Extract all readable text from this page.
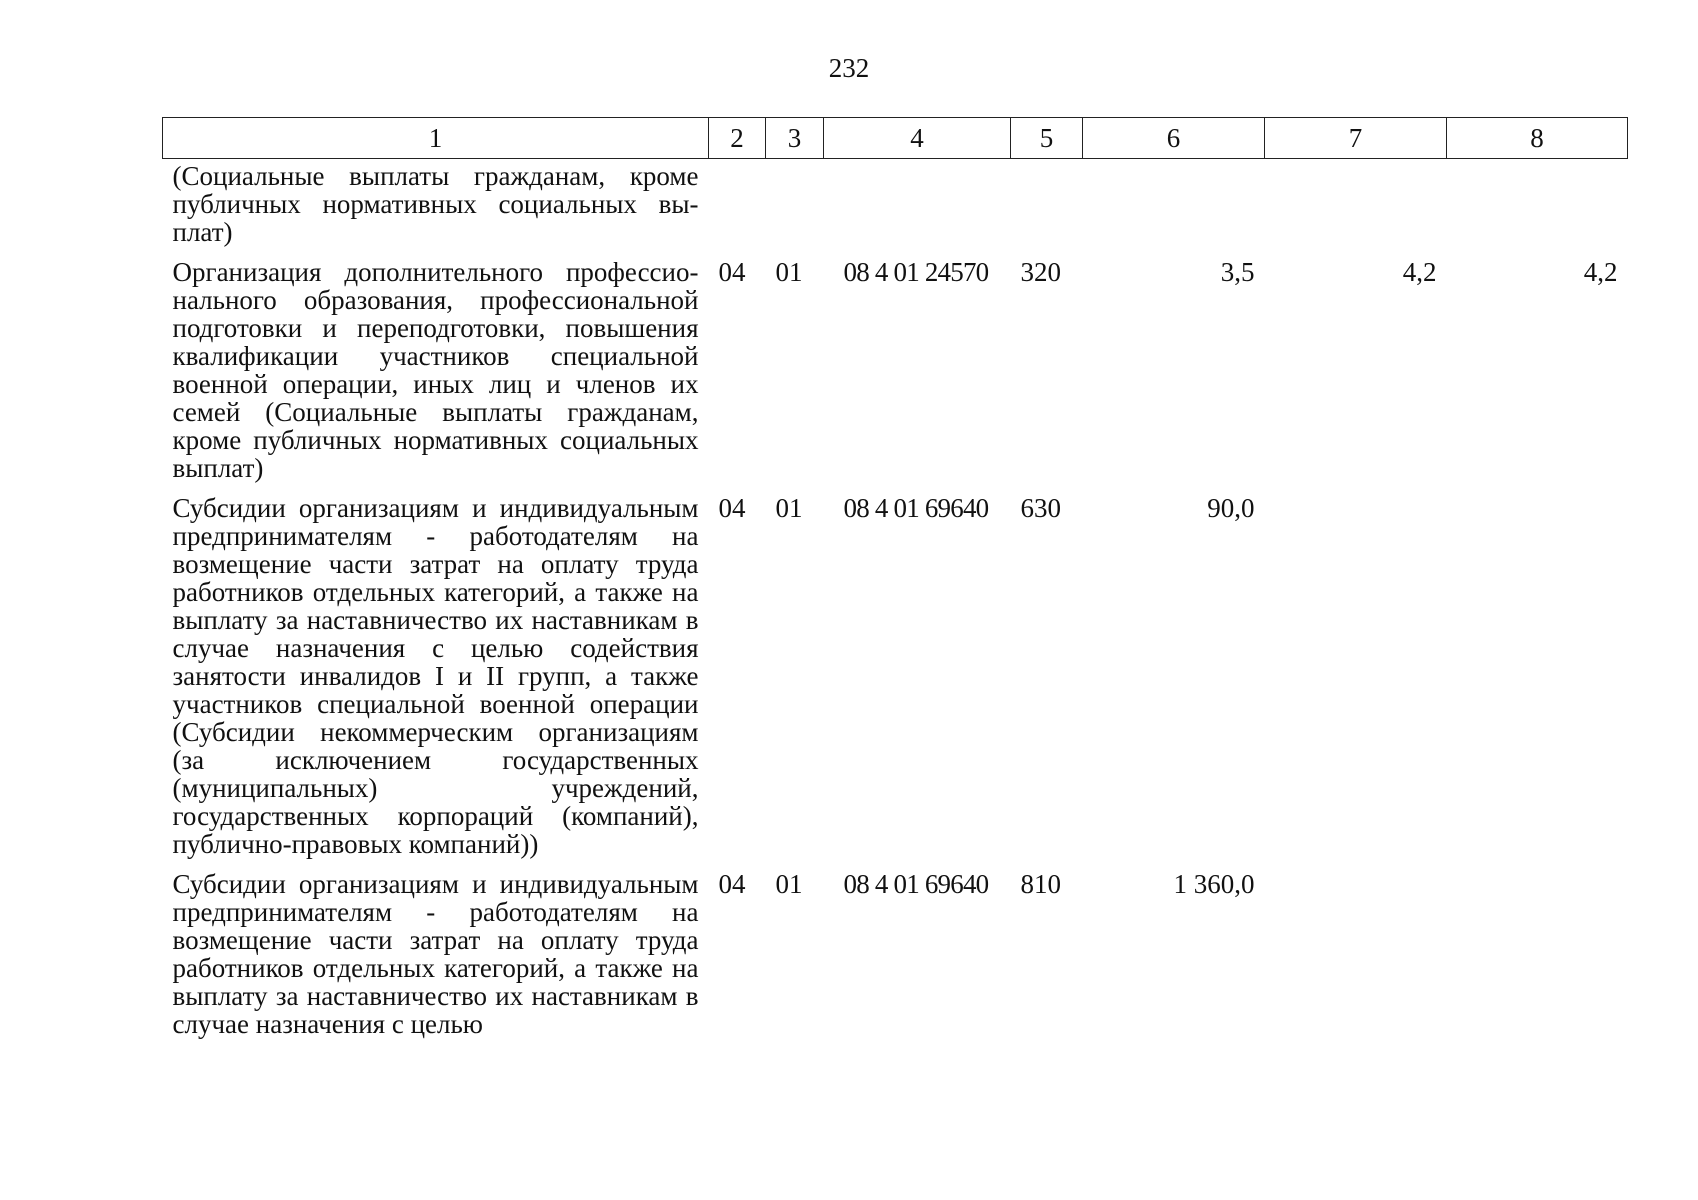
232
1	2	3	4	5	6	7	8
(Социальные выплаты гражданам, кроме публичных нормативных социальных выплат)							
Организация дополнительного профессионального образования, профессиональной подготовки и переподготовки, повышения квалификации участников специальной военной операции, иных лиц и членов их семей (Социальные выплаты гражданам, кроме публичных нормативных социальных выплат)	04	01	08 4 01 24570	320	3,5	4,2	4,2
Субсидии организациям и индивидуальным предпринимателям - работодателям на возмещение части затрат на оплату труда работников отдельных категорий, а также на выплату за наставничество их наставникам в случае назначения с целью содействия занятости инвалидов I и II групп, а также участников специальной военной операции (Субсидии некоммерческим организациям (за исключением государственных (муниципальных) учреждений, государственных корпораций (компаний), публично-правовых компаний))	04	01	08 4 01 69640	630	90,0		
Субсидии организациям и индивидуальным предпринимателям - работодателям на возмещение части затрат на оплату труда работников отдельных категорий, а также на выплату за наставничество их наставникам в случае назначения с целью	04	01	08 4 01 69640	810	1 360,0		
